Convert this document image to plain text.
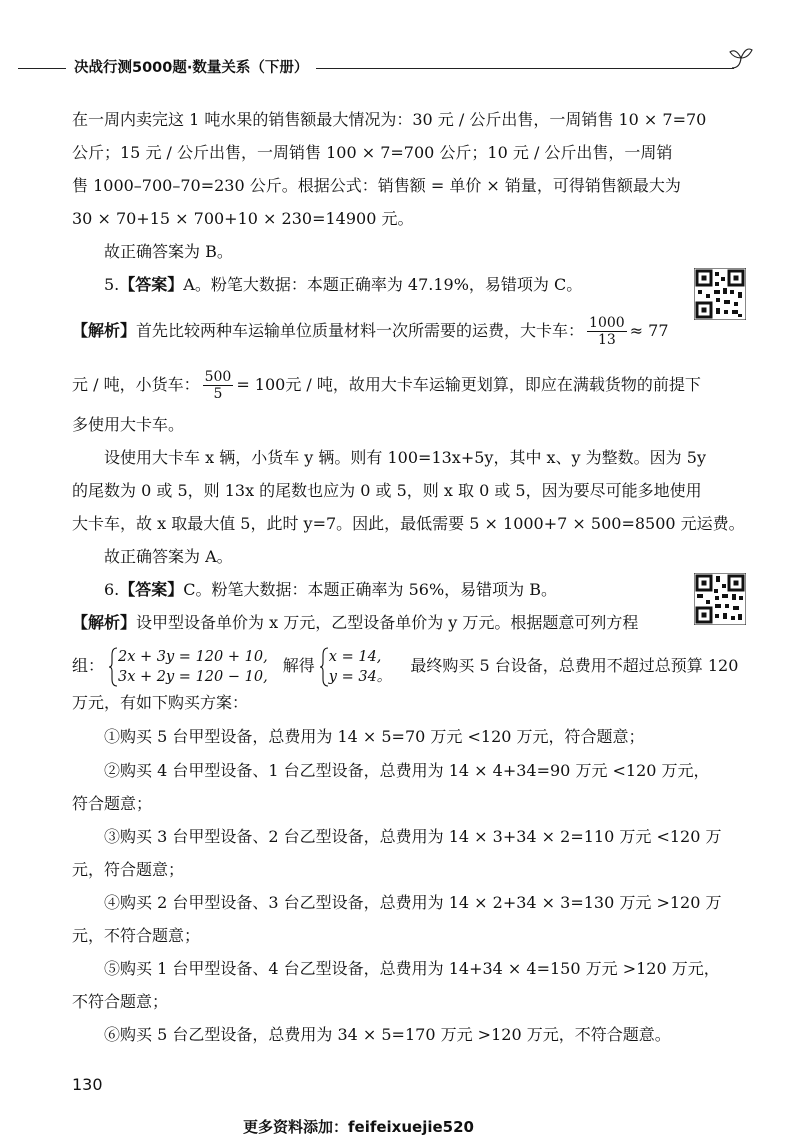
决战行测5000题·数量关系（下册）
在一周内卖完这 1 吨水果的销售额最大情况为：30 元 / 公斤出售，一周销售 10 × 7=70
公斤；15 元 / 公斤出售，一周销售 100 × 7=700 公斤；10 元 / 公斤出售，一周销
售 1000–700–70=230 公斤。根据公式：销售额 = 单价 × 销量，可得销售额最大为
30 × 70+15 × 700+10 × 230=14900 元。
故正确答案为 B。
5.【答案】A。粉笔大数据：本题正确率为 47.19%，易错项为 C。
【解析】首先比较两种车运输单位质量材料一次所需要的运费，大卡车： $\frac{1000}{13} \approx 77$
元 / 吨，小货车： $\frac{500}{5} = 100$元 / 吨，故用大卡车运输更划算，即应在满载货物的前提下
多使用大卡车。
设使用大卡车 x 辆，小货车 y 辆。则有 100=13x+5y，其中 x、y 为整数。因为 5y
的尾数为 0 或 5，则 13x 的尾数也应为 0 或 5，则 x 取 0 或 5，因为要尽可能多地使用
大卡车，故 x 取最大值 5，此时 y=7。因此，最低需要 5 × 1000+7 × 500=8500 元运费。
故正确答案为 A。
6.【答案】C。粉笔大数据：本题正确率为 56%，易错项为 B。
【解析】设甲型设备单价为 x 万元，乙型设备单价为 y 万元。根据题意可列方程
组： 2x + 3y = 120 + 10,
3x + 2y = 120 − 10,
解得 x = 14,
y = 34。
最终购买 5 台设备，总费用不超过总预算 120
万元，有如下购买方案：
①购买 5 台甲型设备，总费用为 14 × 5=70 万元 <120 万元，符合题意；
②购买 4 台甲型设备、1 台乙型设备，总费用为 14 × 4+34=90 万元 <120 万元，
符合题意；
③购买 3 台甲型设备、2 台乙型设备，总费用为 14 × 3+34 × 2=110 万元 <120 万
元，符合题意；
④购买 2 台甲型设备、3 台乙型设备，总费用为 14 × 2+34 × 3=130 万元 >120 万
元，不符合题意；
⑤购买 1 台甲型设备、4 台乙型设备，总费用为 14+34 × 4=150 万元 >120 万元，
不符合题意；
⑥购买 5 台乙型设备，总费用为 34 × 5=170 万元 >120 万元，不符合题意。
130
更多资料添加：feifeixuejie520
